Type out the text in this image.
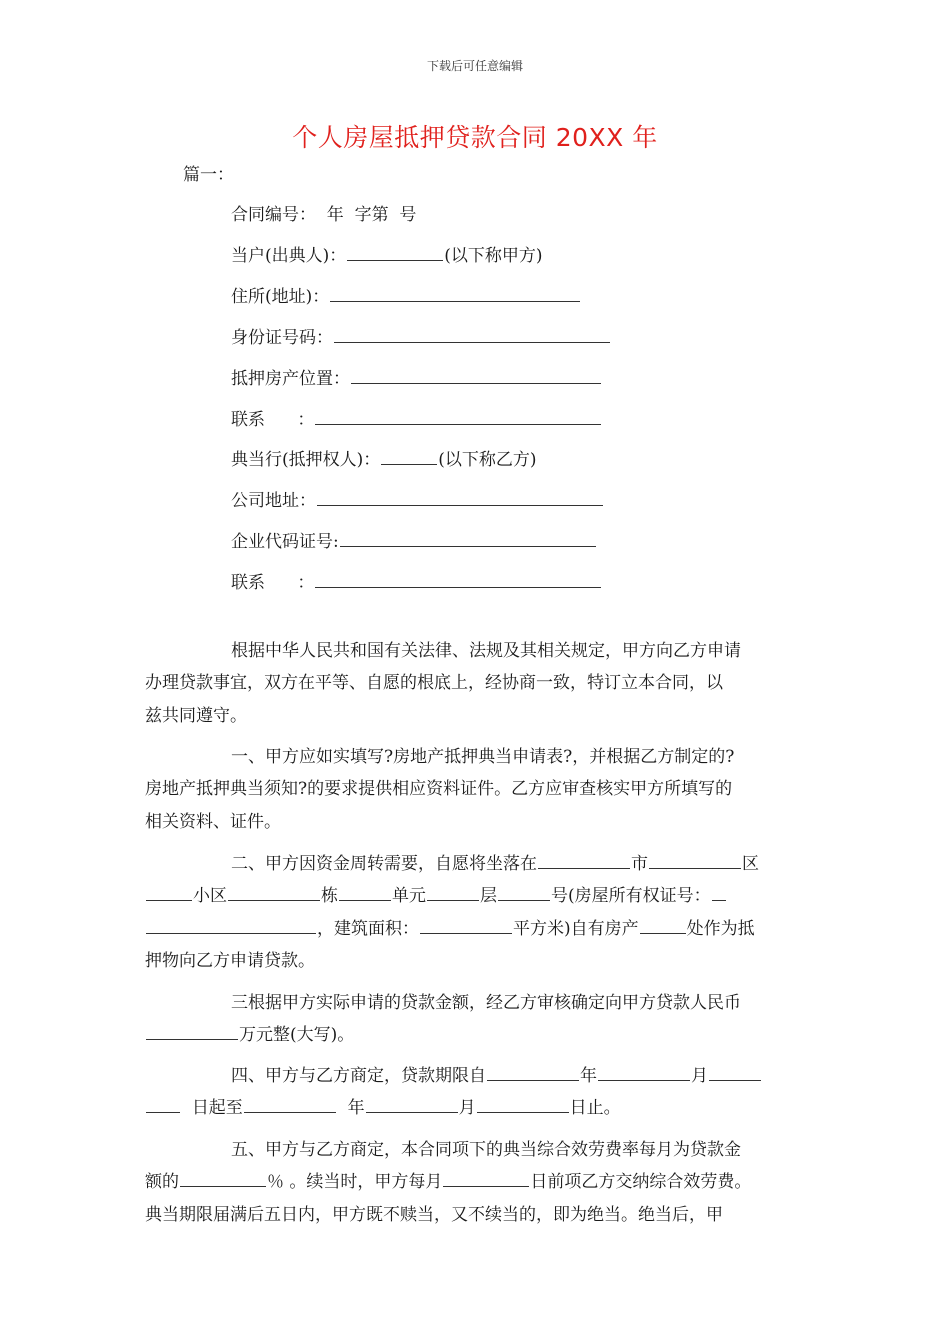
下载后可任意编辑
个人房屋抵押贷款合同 20XX 年
篇一：
合同编号：  年  字第  号
当户(出典人)：	(以下称甲方)
住所(地址)：
身份证号码：
抵押房产位置：
联系      ：
典当行(抵押权人)：	(以下称乙方)
公司地址：
企业代码证号:
联系      ：

根据中华人民共和国有关法律、法规及其相关规定，甲方向乙方申请
办理贷款事宜，双方在平等、自愿的根底上，经协商一致，特订立本合同，以
兹共同遵守。

一、甲方应如实填写?房地产抵押典当申请表?，并根据乙方制定的?
房地产抵押典当须知?的要求提供相应资料证件。乙方应审查核实甲方所填写的
相关资料、证件。

二、甲方因资金周转需要，自愿将坐落在	市	区
小区	栋	单元	层	号(房屋所有权证号：
，建筑面积：	平方米)自有房产	处作为抵
押物向乙方申请贷款。

三根据甲方实际申请的贷款金额，经乙方审核确定向甲方贷款人民币
万元整(大写)。

四、甲方与乙方商定，贷款期限自	年	月
日起至	年	月	日止。

五、甲方与乙方商定，本合同项下的典当综合效劳费率每月为贷款金
额的	％ 。续当时，甲方每月	日前项乙方交纳综合效劳费。
典当期限届满后五日内，甲方既不赎当，又不续当的，即为绝当。绝当后，甲
